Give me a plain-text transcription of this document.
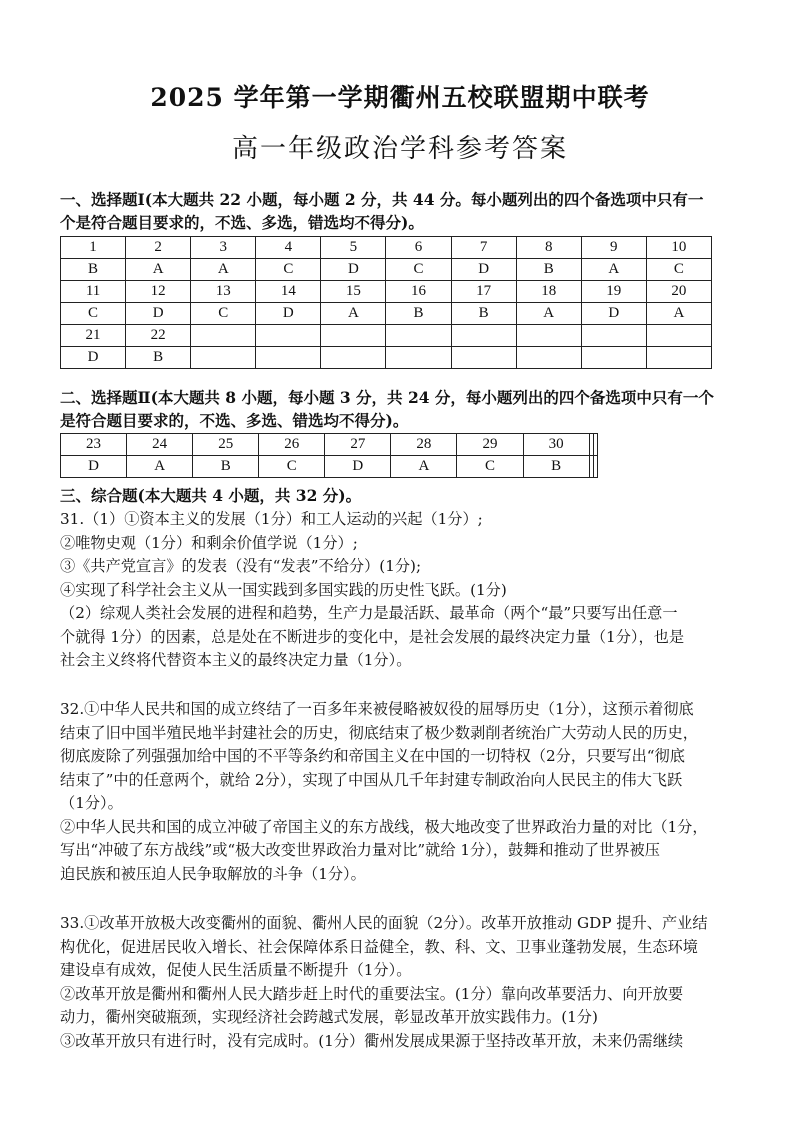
2025 学年第一学期衢州五校联盟期中联考
高一年级政治学科参考答案
一、选择题Ⅰ(本大题共 22 小题，每小题 2 分，共 44 分。每小题列出的四个备选项中只有一
个是符合题目要求的，不选、多选，错选均不得分)。
1	2	3	4	5	6	7	8	9	10
B	A	A	C	D	C	D	B	A	C
11	12	13	14	15	16	17	18	19	20
C	D	C	D	A	B	B	A	D	A
21	22								
D	B								
二、选择题Ⅱ(本大题共 8 小题，每小题 3 分，共 24 分，每小题列出的四个备选项中只有一个
是符合题目要求的，不选、多选、错选均不得分)。
23	24	25	26	27	28	29	30		
D	A	B	C	D	A	C	B		
三、综合题(本大题共 4 小题，共 32 分)。

31.（1）①资本主义的发展（1分）和工人运动的兴起（1分）;

②唯物史观（1分）和剩余价值学说（1分）;

③《共产党宣言》的发表（没有“发表”不给分）(1分);

④实现了科学社会主义从一国实践到多国实践的历史性飞跃。(1分)

（2）综观人类社会发展的进程和趋势，生产力是最活跃、最革命（两个“最”只要写出任意一

个就得 1分）的因素，总是处在不断进步的变化中，是社会发展的最终决定力量（1分），也是

社会主义终将代替资本主义的最终决定力量（1分）。

32.①中华人民共和国的成立终结了一百多年来被侵略被奴役的屈辱历史（1分），这预示着彻底

结束了旧中国半殖民地半封建社会的历史，彻底结束了极少数剥削者统治广大劳动人民的历史，

彻底废除了列强强加给中国的不平等条约和帝国主义在中国的一切特权（2分，只要写出“彻底

结束了”中的任意两个，就给 2分），实现了中国从几千年封建专制政治向人民民主的伟大飞跃

（1分）。

②中华人民共和国的成立冲破了帝国主义的东方战线，极大地改变了世界政治力量的对比（1分，

写出“冲破了东方战线”或“极大改变世界政治力量对比”就给 1分），鼓舞和推动了世界被压

迫民族和被压迫人民争取解放的斗争（1分）。

33.①改革开放极大改变衢州的面貌、衢州人民的面貌（2分）。改革开放推动 GDP 提升、产业结

构优化，促进居民收入增长、社会保障体系日益健全，教、科、文、卫事业蓬勃发展，生态环境

建设卓有成效，促使人民生活质量不断提升（1分）。

②改革开放是衢州和衢州人民大踏步赶上时代的重要法宝。(1分）靠向改革要活力、向开放要

动力，衢州突破瓶颈，实现经济社会跨越式发展，彰显改革开放实践伟力。(1分)

③改革开放只有进行时，没有完成时。(1分）衢州发展成果源于坚持改革开放，未来仍需继续
